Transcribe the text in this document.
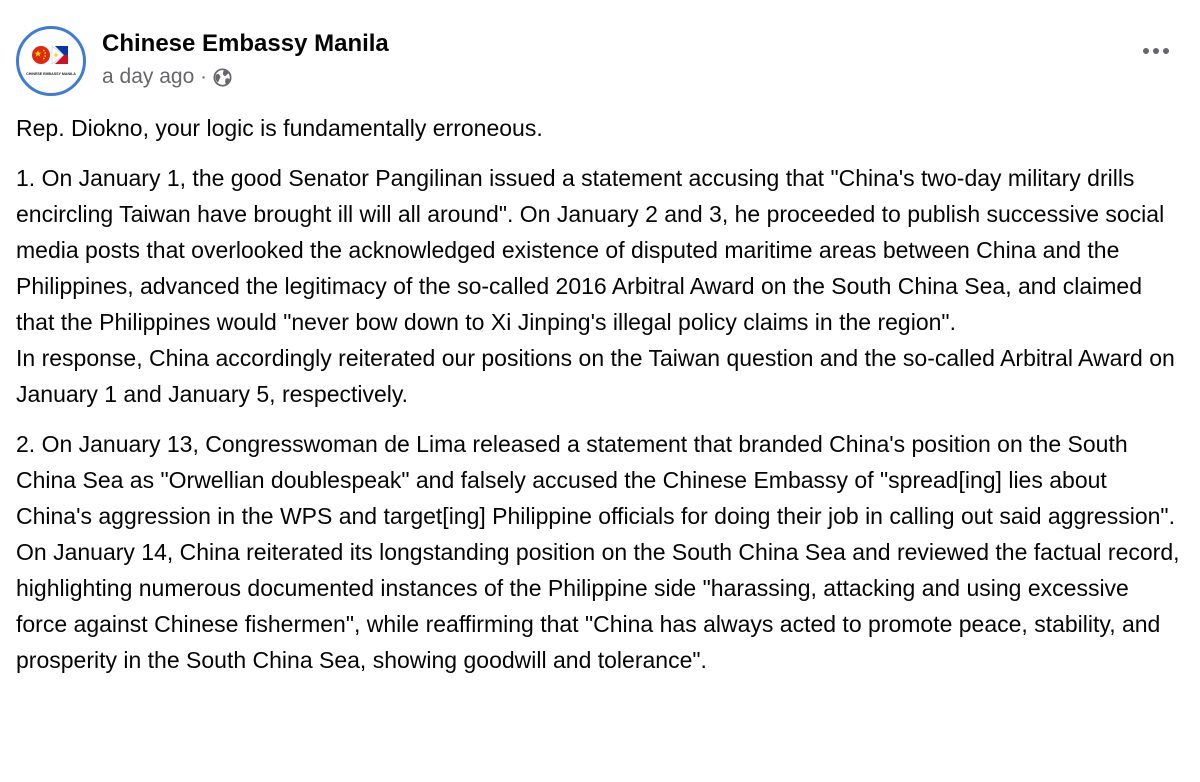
CHINESE EMBASSY MANILA
Chinese Embassy Manila
a day ago ·

Rep. Diokno, your logic is fundamentally erroneous.

1. On January 1, the good Senator Pangilinan issued a statement accusing that "China's two-day military drills encircling Taiwan have brought ill will all around". On January 2 and 3, he proceeded to publish successive social media posts that overlooked the acknowledged existence of disputed maritime areas between China and the Philippines, advanced the legitimacy of the so-called 2016 Arbitral Award on the South China Sea, and claimed that the Philippines would "never bow down to Xi Jinping's illegal policy claims in the region".
In response, China accordingly reiterated our positions on the Taiwan question and the so-called Arbitral Award on January 1 and January 5, respectively.

2. On January 13, Congresswoman de Lima released a statement that branded China's position on the South China Sea as "Orwellian doublespeak" and falsely accused the Chinese Embassy of "spread[ing] lies about China's aggression in the WPS and target[ing] Philippine officials for doing their job in calling out said aggression".
On January 14, China reiterated its longstanding position on the South China Sea and reviewed the factual record, highlighting numerous documented instances of the Philippine side "harassing, attacking and using excessive force against Chinese fishermen", while reaffirming that "China has always acted to promote peace, stability, and prosperity in the South China Sea, showing goodwill and tolerance".
